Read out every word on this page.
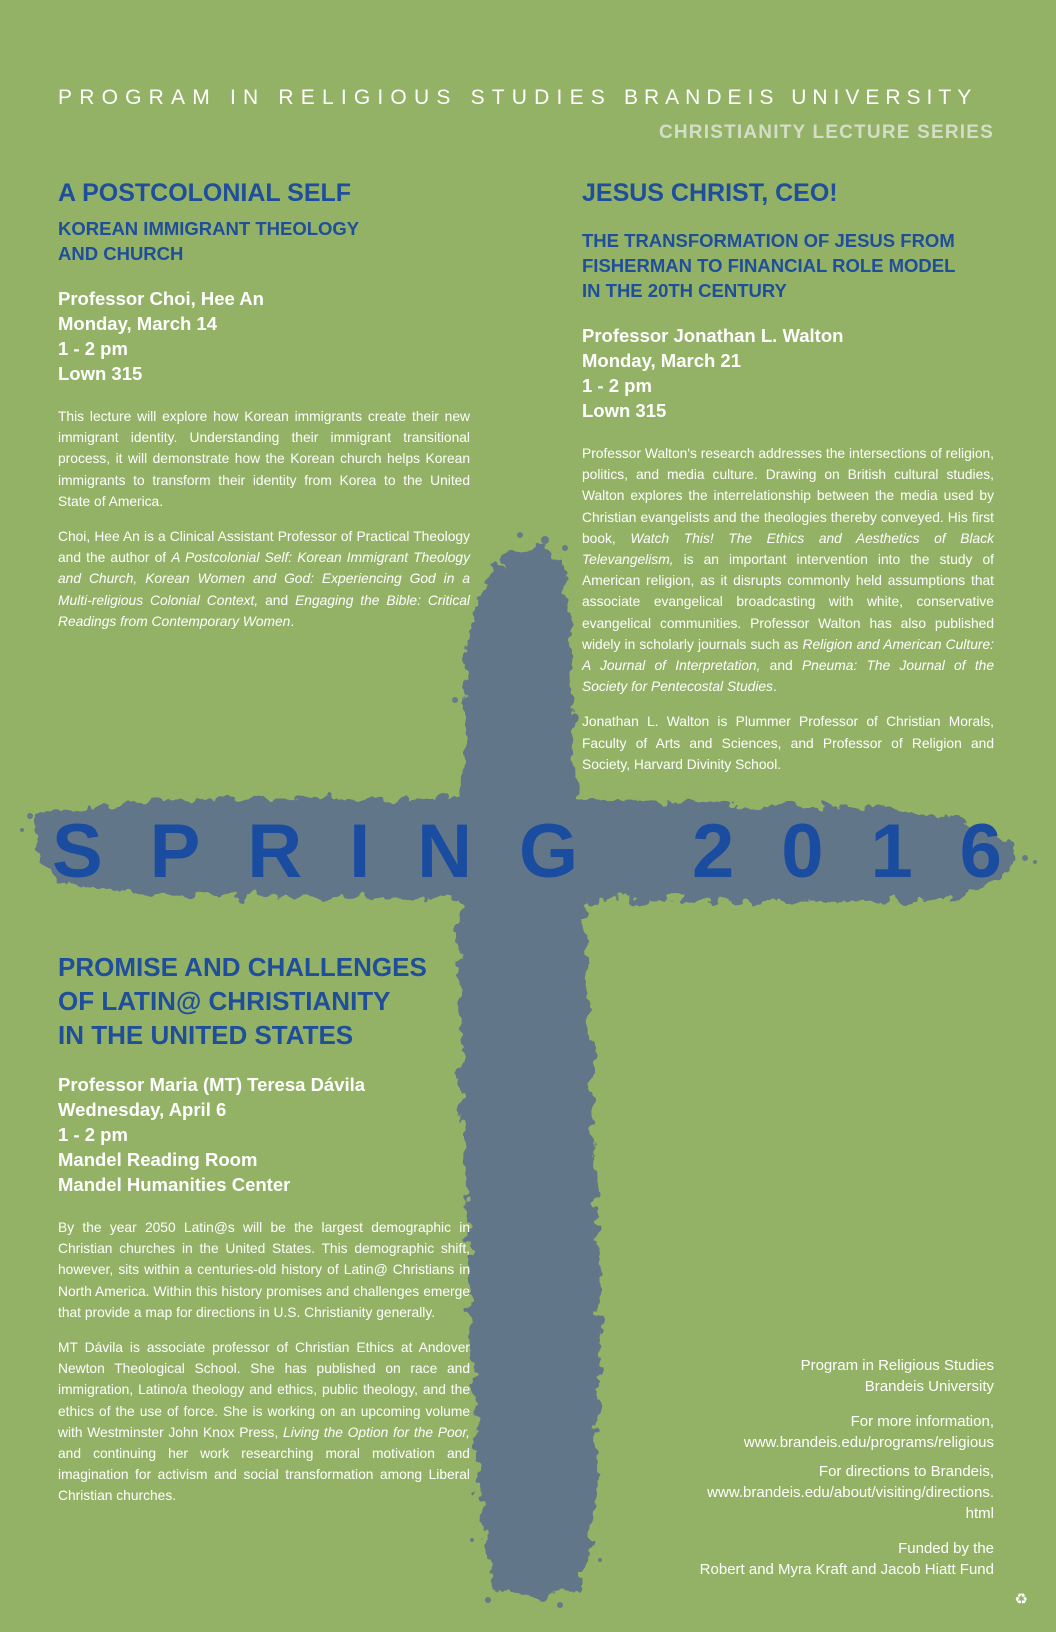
PROGRAM IN RELIGIOUS STUDIES BRANDEIS UNIVERSITY
CHRISTIANITY LECTURE SERIES
A POSTCOLONIAL SELF
KOREAN IMMIGRANT THEOLOGY
AND CHURCH
Professor Choi, Hee An
Monday, March 14
1 - 2 pm
Lown 315

This lecture will explore how Korean immigrants create their new immigrant identity. Understanding their immigrant transitional process, it will demonstrate how the Korean church helps Korean immigrants to transform their identity from Korea to the United State of America.

Choi, Hee An is a Clinical Assistant Professor of Practical Theology and the author of A Postcolonial Self: Korean Immigrant Theology and Church, Korean Women and God: Experiencing God in a Multi-religious Colonial Context, and Engaging the Bible: Critical Readings from Contemporary Women.

JESUS CHRIST, CEO!
THE TRANSFORMATION OF JESUS FROM
FISHERMAN TO FINANCIAL ROLE MODEL
IN THE 20TH CENTURY
Professor Jonathan L. Walton
Monday, March 21
1 - 2 pm
Lown 315

Professor Walton's research addresses the intersections of religion, politics, and media culture. Drawing on British cultural studies, Walton explores the interrelationship between the media used by Christian evangelists and the theologies thereby conveyed. His first book, Watch This! The Ethics and Aesthetics of Black Televangelism, is an important intervention into the study of American religion, as it disrupts commonly held assumptions that associate evangelical broadcasting with white, conservative evangelical communities. Professor Walton has also published widely in scholarly journals such as Religion and American Culture: A Journal of Interpretation, and Pneuma: The Journal of the Society for Pentecostal Studies.

Jonathan L. Walton is Plummer Professor of Christian Morals, Faculty of Arts and Sciences, and Professor of Religion and Society, Harvard Divinity School.

S P R I N G 2 0 1 6
PROMISE AND CHALLENGES
OF LATIN@ CHRISTIANITY
IN THE UNITED STATES
Professor Maria (MT) Teresa Dávila
Wednesday, April 6
1 - 2 pm
Mandel Reading Room
Mandel Humanities Center

By the year 2050 Latin@s will be the largest demographic in Christian churches in the United States. This demographic shift, however, sits within a centuries-old history of Latin@ Christians in North America. Within this history promises and challenges emerge that provide a map for directions in U.S. Christianity generally.

MT Dávila is associate professor of Christian Ethics at Andover Newton Theological School. She has published on race and immigration, Latino/a theology and ethics, public theology, and the ethics of the use of force. She is working on an upcoming volume with Westminster John Knox Press, Living the Option for the Poor, and continuing her work researching moral motivation and imagination for activism and social transformation among Liberal Christian churches.

Program in Religious Studies
Brandeis University
For more information,
www.brandeis.edu/programs/religious
For directions to Brandeis,
www.brandeis.edu/about/visiting/directions.
html
Funded by the
Robert and Myra Kraft and Jacob Hiatt Fund
♻
